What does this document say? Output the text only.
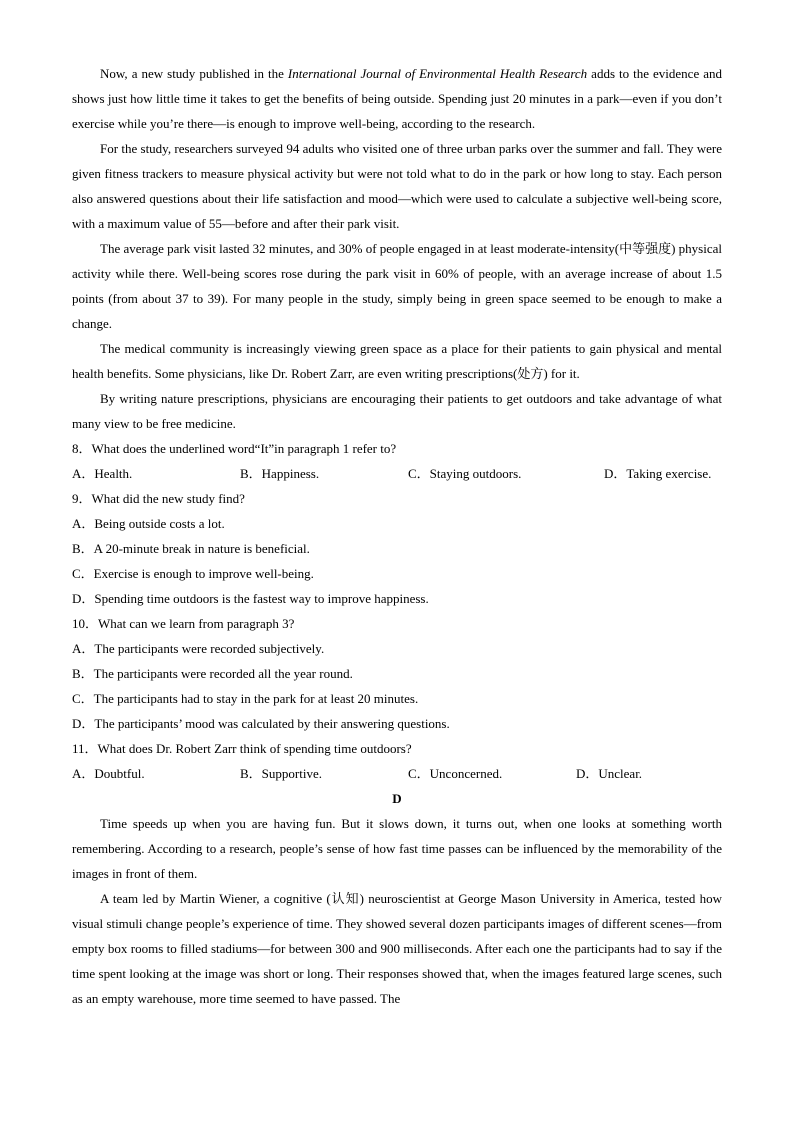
Now, a new study published in the International Journal of Environmental Health Research adds to the evidence and shows just how little time it takes to get the benefits of being outside. Spending just 20 minutes in a park—even if you don’t exercise while you’re there—is enough to improve well-being, according to the research.

For the study, researchers surveyed 94 adults who visited one of three urban parks over the summer and fall. They were given fitness trackers to measure physical activity but were not told what to do in the park or how long to stay. Each person also answered questions about their life satisfaction and mood—which were used to calculate a subjective well-being score, with a maximum value of 55—before and after their park visit.

The average park visit lasted 32 minutes, and 30% of people engaged in at least moderate-intensity(中等强度) physical activity while there. Well-being scores rose during the park visit in 60% of people, with an average increase of about 1.5 points (from about 37 to 39). For many people in the study, simply being in green space seemed to be enough to make a change.

The medical community is increasingly viewing green space as a place for their patients to gain physical and mental health benefits. Some physicians, like Dr. Robert Zarr, are even writing prescriptions(处方) for it.

By writing nature prescriptions, physicians are encouraging their patients to get outdoors and take advantage of what many view to be free medicine.

8．What does the underlined word“It”in paragraph 1 refer to?

A．Health.	B．Happiness.	C．Staying outdoors.	D．Taking exercise.

9．What did the new study find?

A．Being outside costs a lot.

B．A 20-minute break in nature is beneficial.

C．Exercise is enough to improve well-being.

D．Spending time outdoors is the fastest way to improve happiness.

10．What can we learn from paragraph 3?

A．The participants were recorded subjectively.

B．The participants were recorded all the year round.

C．The participants had to stay in the park for at least 20 minutes.

D．The participants’ mood was calculated by their answering questions.

11．What does Dr. Robert Zarr think of spending time outdoors?

A．Doubtful.	B．Supportive.	C．Unconcerned.	D．Unclear.

D

Time speeds up when you are having fun. But it slows down, it turns out, when one looks at something worth remembering. According to a research, people’s sense of how fast time passes can be influenced by the memorability of the images in front of them.

A team led by Martin Wiener, a cognitive (认知) neuroscientist at George Mason University in America, tested how visual stimuli change people’s experience of time. They showed several dozen participants images of different scenes—from empty box rooms to filled stadiums—for between 300 and 900 milliseconds. After each one the participants had to say if the time spent looking at the image was short or long. Their responses showed that, when the images featured large scenes, such as an empty warehouse, more time seemed to have passed. The
